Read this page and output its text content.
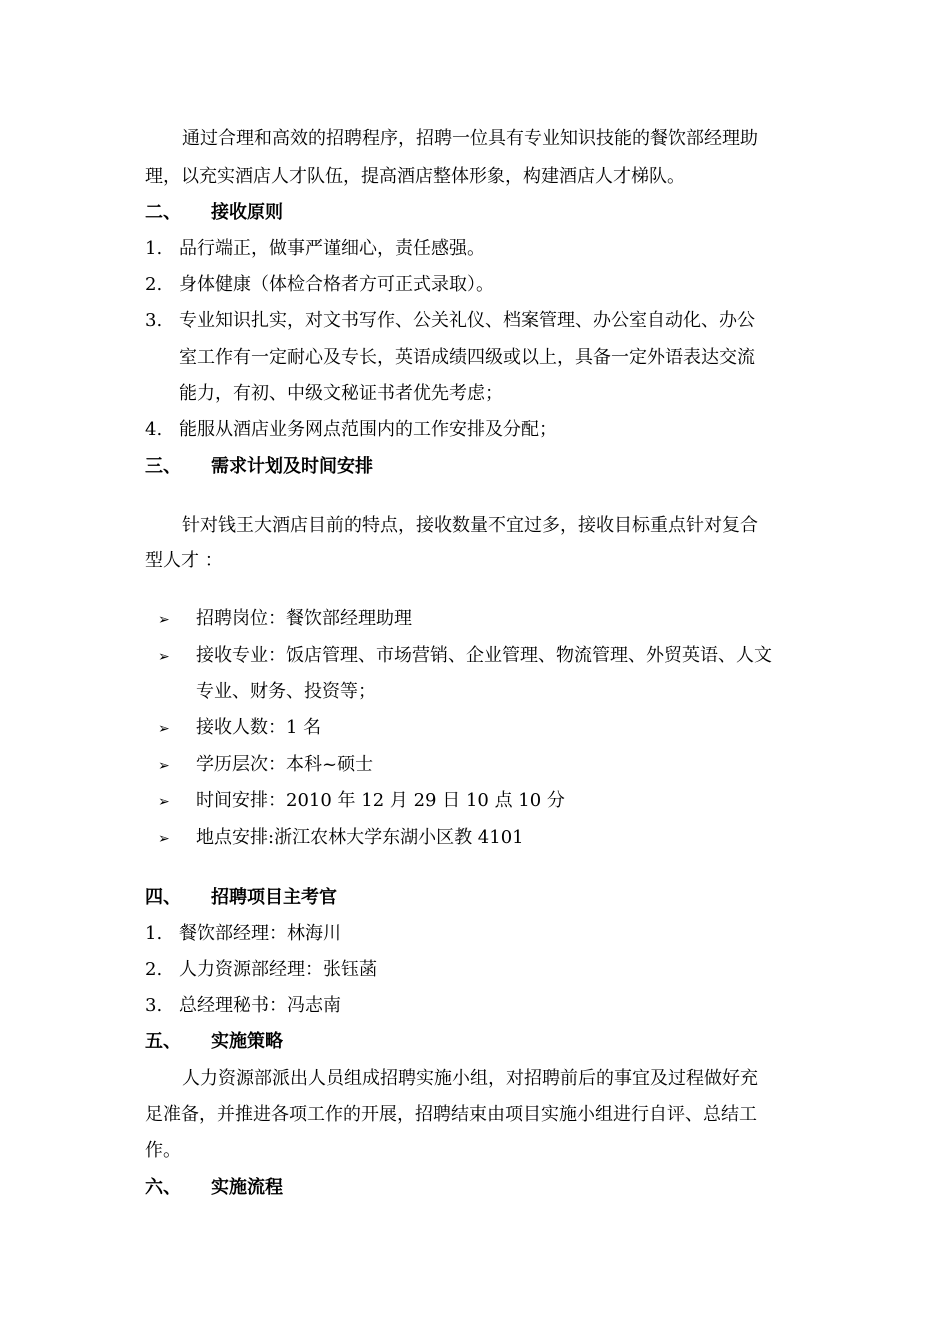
通过合理和高效的招聘程序，招聘一位具有专业知识技能的餐饮部经理助
理，以充实酒店人才队伍，提高酒店整体形象，构建酒店人才梯队。
二、 接收原则
1. 品行端正，做事严谨细心，责任感强。
2. 身体健康（体检合格者方可正式录取）。
3. 专业知识扎实，对文书写作、公关礼仪、档案管理、办公室自动化、办公
室工作有一定耐心及专长，英语成绩四级或以上，具备一定外语表达交流
能力，有初、中级文秘证书者优先考虑；
4. 能服从酒店业务网点范围内的工作安排及分配；
三、 需求计划及时间安排
针对钱王大酒店目前的特点，接收数量不宜过多，接收目标重点针对复合
型人才 ：
➢ 招聘岗位：餐饮部经理助理
➢ 接收专业：饭店管理、市场营销、企业管理、物流管理、外贸英语、人文
专业、财务、投资等；
➢ 接收人数：1 名
➢ 学历层次：本科~硕士
➢ 时间安排：2010 年 12 月 29 日 10 点 10 分
➢ 地点安排:浙江农林大学东湖小区教 4101
四、 招聘项目主考官
1. 餐饮部经理：林海川
2. 人力资源部经理：张钰菡
3. 总经理秘书：冯志南
五、 实施策略
人力资源部派出人员组成招聘实施小组，对招聘前后的事宜及过程做好充
足准备，并推进各项工作的开展，招聘结束由项目实施小组进行自评、总结工
作。
六、 实施流程
